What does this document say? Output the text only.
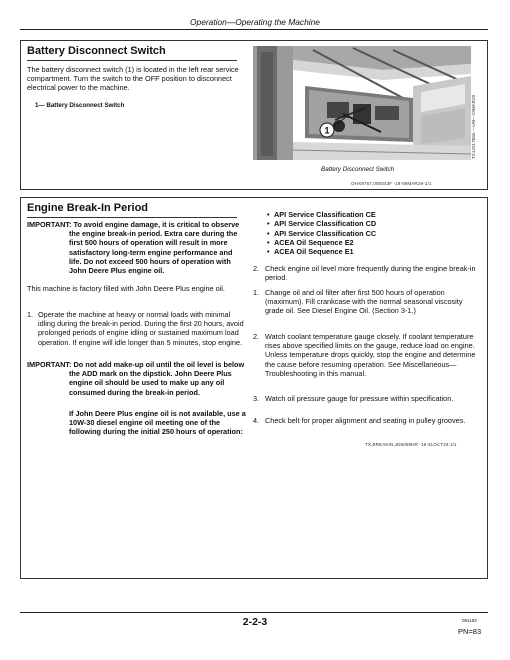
Operation—Operating the Machine
Battery Disconnect Switch
The battery disconnect switch (1) is located in the left rear service compartment. Turn the switch to the OFF position to disconnect electrical power to the machine.
1— Battery Disconnect Switch
1	TX1201768A —UN—19MAR29
Battery Disconnect Switch
OHX9757,000043F -19-09MAR29-1/1
Engine Break-In Period
IMPORTANT: To avoid engine damage, it is critical to observe the engine break-in period. Extra care during the first 500 hours of operation will result in more satisfactory long-term engine performance and life. Do not exceed 500 hours of operation with John Deere Plus engine oil.
This machine is factory filled with John Deere Plus engine oil.
1. Operate the machine at heavy or normal loads with minimal idling during the break-in period. During the first 20 hours, avoid prolonged periods of engine idling or sustained maximum load operation. If engine will idle longer than 5 minutes, stop engine.
IMPORTANT: Do not add make-up oil until the oil level is below the ADD mark on the dipstick. John Deere Plus engine oil should be used to make up any oil consumed during the break-in period.
If John Deere Plus engine oil is not available, use a 10W-30 diesel engine oil meeting one of the following during the initial 250 hours of operation:
• API Service Classification CE
• API Service Classification CD
• API Service Classification CC
• ACEA Oil Sequence E2
• ACEA Oil Sequence E1
2. Check engine oil level more frequently during the engine break-in period.
1. Change oil and oil filter after first 500 hours of operation (maximum). Fill crankcase with the normal seasonal viscosity grade oil. See Diesel Engine Oil. (Section 3-1.)
2. Watch coolant temperature gauge closely. If coolant temperature rises above specified limits on the gauge, reduce load on engine. Unless temperature drops quickly, stop the engine and determine the cause before resuming operation. See Miscellaneous—Troubleshooting in this manual.
3. Watch oil pressure gauge for pressure within specification.
4. Check belt for proper alignment and seating in pulley grooves.
TX,BREAKIN,JD5089HR -19-31OCT24-1/1
2-2-3	091183
PN=83
